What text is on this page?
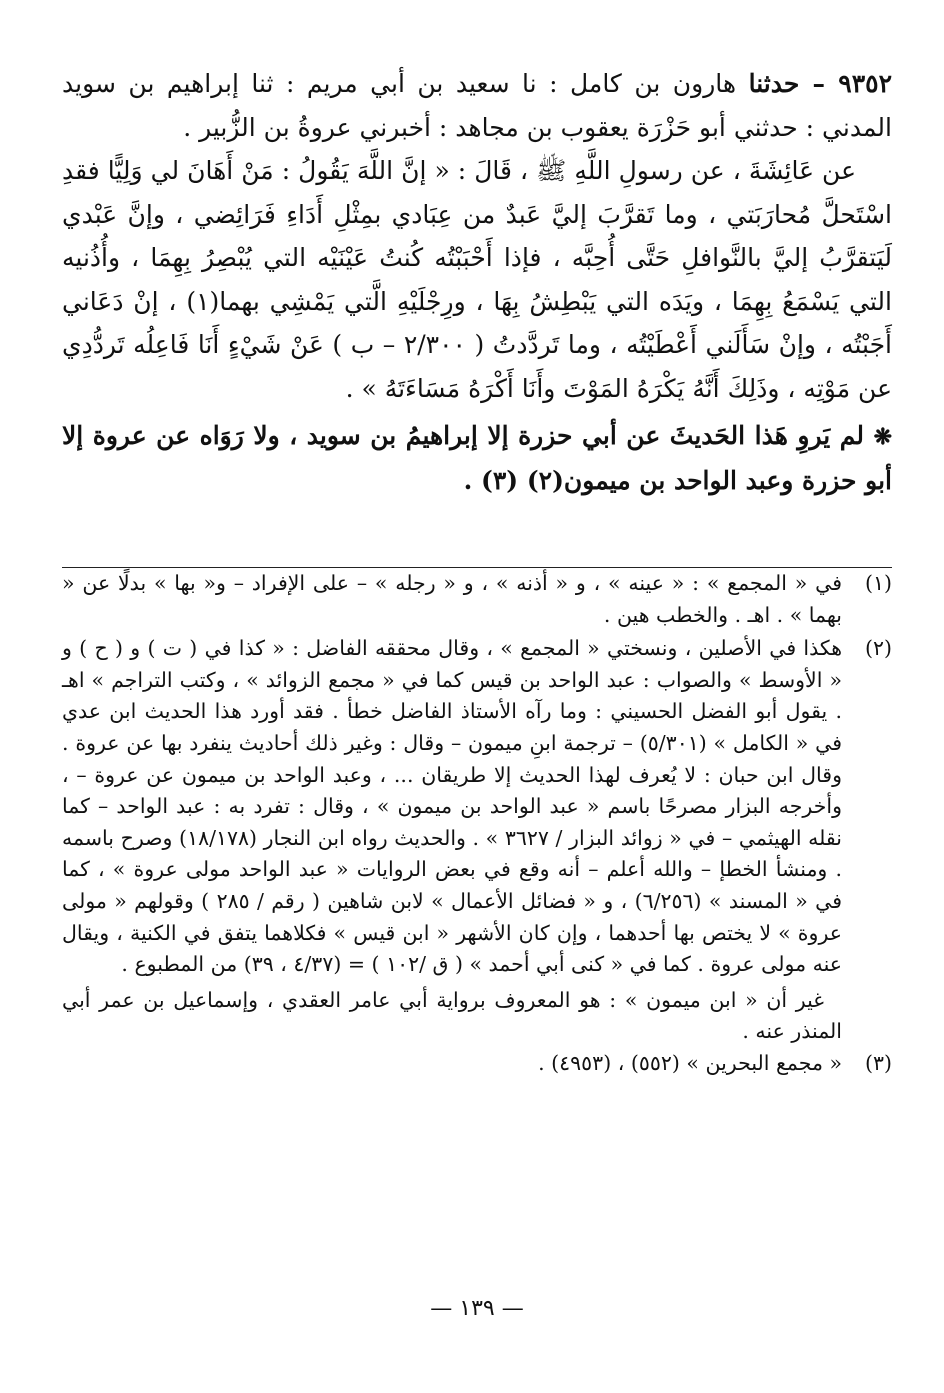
٩٣٥٢ – حدثنا هارون بن كامل : نا سعيد بن أبي مريم : ثنا إبراهيم بن سويد المدني : حدثني أبو حَزْرَة يعقوب بن مجاهد : أخبرني عروةُ بن الزُّبير .

عن عَائِشَةَ ، عن رسولِ اللَّهِ ﷺ ، قَالَ : « إنَّ اللَّهَ يَقُولُ : مَنْ أَهَانَ لي وَلِيًّا فقدِ اسْتَحلَّ مُحارَبَتي ، وما تَقرَّبَ إليَّ عَبدٌ من عِبَادي بمِثْلِ أَدَاءِ فَرَائِضي ، وإنَّ عَبْدي لَيَتقرَّبُ إليَّ بالنَّوافلِ حَتَّى أُحِبَّه ، فإذا أَحْبَبْتُه كُنتُ عَيْنَيْه التي يُبْصِرُ بِهِمَا ، وأُذُنيه التي يَسْمَعُ بِهِمَا ، ويَدَه التي يَبْطِشُ بِهَا ، ورِجْلَيْهِ الَّتي يَمْشِي بهما(١) ، إنْ دَعَاني أَجَبْتُه ، وإنْ سَأَلَني أَعْطَيْتُه ، وما تَردَّدتُ ( ٢/٣٠٠ – ب ) عَنْ شَيْءٍ أَنَا فَاعِلُه تَردُّدِي عن مَوْتِه ، وذَلِكَ أَنَّهُ يَكْرَهُ المَوْتَ وأَنَا أَكْرَهُ مَسَاءَتَهُ » .

❋ لم يَروِ هَذا الحَديثَ عن أبي حزرة إلا إبراهيمُ بن سويد ، ولا رَوَاه عن عروة إلا أبو حزرة وعبد الواحد بن ميمون(٢) (٣) .

(١)
في « المجمع » : « عينه » ، و « أذنه » ، و « رجله » – على الإفراد – و« بها » بدلًا عن « بهما » . اهـ . والخطب هين .

(٢)
هكذا في الأصلين ، ونسختي « المجمع » ، وقال محققه الفاضل : « كذا في ( ت ) و ( ح ) و « الأوسط » والصواب : عبد الواحد بن قيس كما في « مجمع الزوائد » ، وكتب التراجم » اهـ . يقول أبو الفضل الحسيني : وما رآه الأستاذ الفاضل خطأ . فقد أورد هذا الحديث ابن عدي في « الكامل » (٥/٣٠١) – ترجمة ابنِ ميمون – وقال : وغير ذلك أحاديث ينفرد بها عن عروة . وقال ابن حبان : لا يُعرف لهذا الحديث إلا طريقان ... ، وعبد الواحد بن ميمون عن عروة – ، وأخرجه البزار مصرحًا باسم « عبد الواحد بن ميمون » ، وقال : تفرد به : عبد الواحد – كما نقله الهيثمي – في « زوائد البزار / ٣٦٢٧ » . والحديث رواه ابن النجار (١٨/١٧٨) وصرح باسمه . ومنشأ الخطإ – والله أعلم – أنه وقع في بعض الروايات « عبد الواحد مولى عروة » ، كما في « المسند » (٦/٢٥٦) ، و « فضائل الأعمال » لابن شاهين ( رقم / ٢٨٥ ) وقولهم « مولى عروة » لا يختص بها أحدهما ، وإن كان الأشهر « ابن قيس » فكلاهما يتفق في الكنية ، ويقال عنه مولى عروة . كما في « كنى أبي أحمد » ( ق /١٠٢ ) = (٤/٣٧ ، ٣٩) من المطبوع .

غير أن « ابن ميمون » : هو المعروف برواية أبي عامر العقدي ، وإسماعيل بن عمر أبي المنذر عنه .

(٣)
« مجمع البحرين » (٥٥٢) ، (٤٩٥٣) .

— ١٣٩ —
